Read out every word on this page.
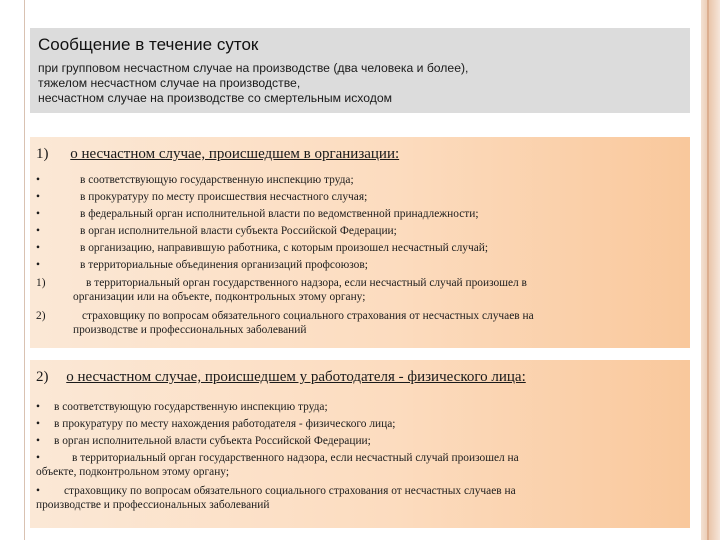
Сообщение в течение суток
при групповом несчастном случае на производстве (два человека и более),
тяжелом несчастном случае на производстве,
несчастном случае на производстве со смертельным исходом
1) о несчастном случае, происшедшем в организации:
•	в соответствующую государственную инспекцию труда;
•	в прокуратуру по месту происшествия несчастного случая;
•	в федеральный орган исполнительной власти по ведомственной принадлежности;
•	в орган исполнительной власти субъекта Российской Федерации;
•	в организацию, направившую работника, с которым произошел несчастный случай;
•	в территориальные объединения организаций профсоюзов;
1)	в территориальный орган государственного надзора, если несчастный случай произошел в
организации или на объекте, подконтрольных этому органу;
2)	страховщику по вопросам обязательного социального страхования от несчастных случаев на
производстве и профессиональных заболеваний
2) о несчастном случае, происшедшем у работодателя - физического лица:
• в соответствующую государственную инспекцию труда;
• в прокуратуру по месту нахождения работодателя - физического лица;
• в орган исполнительной власти субъекта Российской Федерации;
•	в территориальный орган государственного надзора, если несчастный случай произошел на
объекте, подконтрольном этому органу;
• страховщику по вопросам обязательного социального страхования от несчастных случаев на
производстве и профессиональных заболеваний
